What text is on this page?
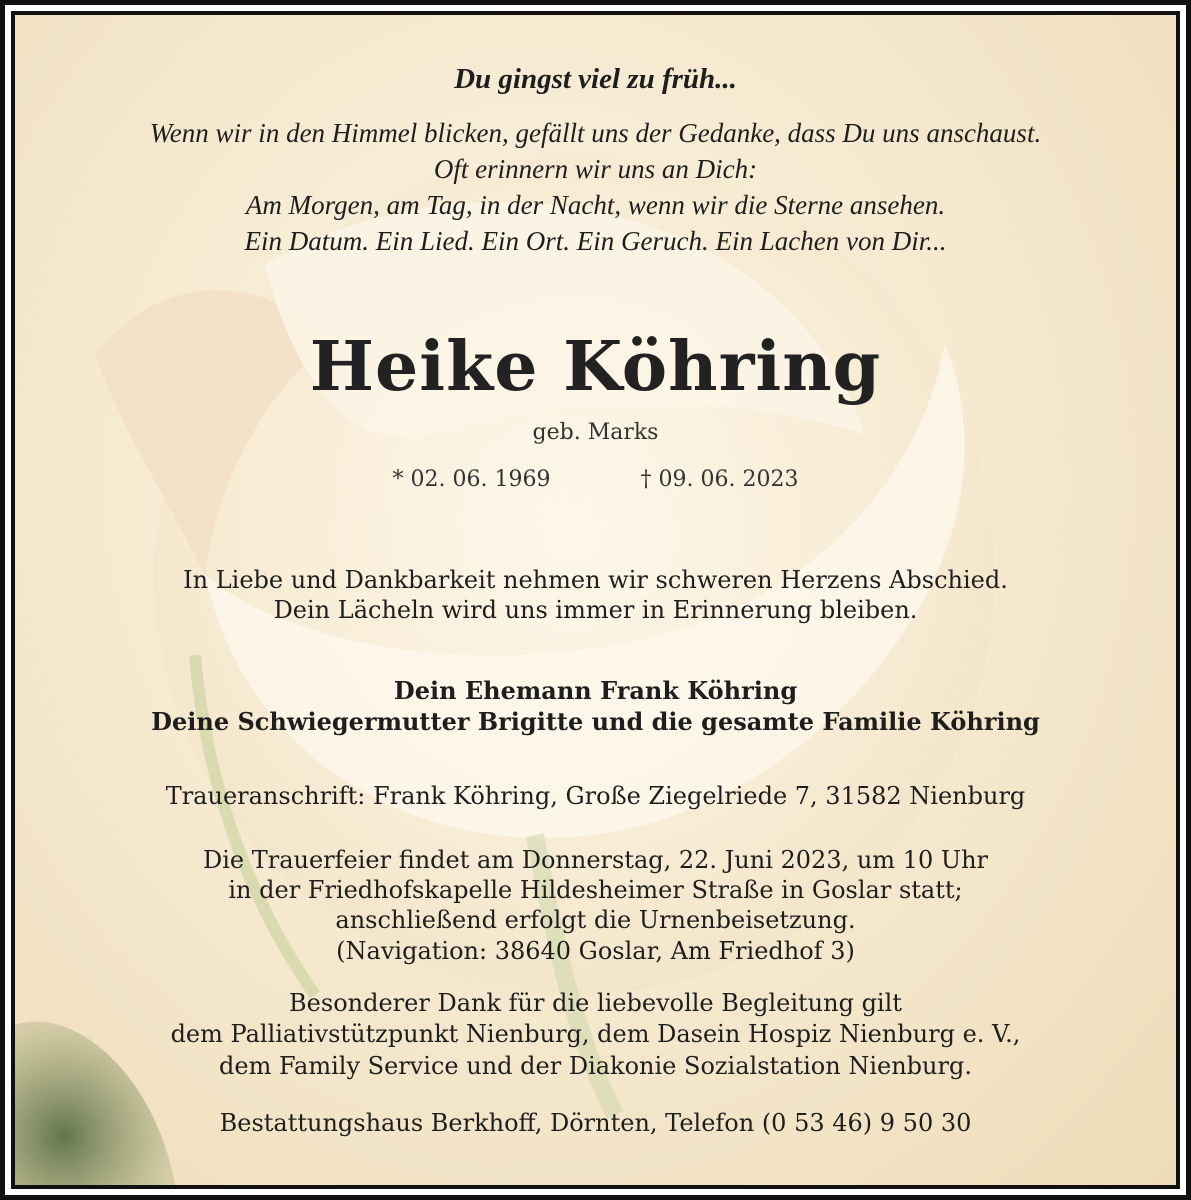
Du gingst viel zu früh...
Wenn wir in den Himmel blicken, gefällt uns der Gedanke, dass Du uns anschaust.
Oft erinnern wir uns an Dich:
Am Morgen, am Tag, in der Nacht, wenn wir die Sterne ansehen.
Ein Datum. Ein Lied. Ein Ort. Ein Geruch. Ein Lachen von Dir...
Heike Köhring
geb. Marks
* 02. 06. 1969	† 09. 06. 2023
In Liebe und Dankbarkeit nehmen wir schweren Herzens Abschied.
Dein Lächeln wird uns immer in Erinnerung bleiben.
Dein Ehemann Frank Köhring
Deine Schwiegermutter Brigitte und die gesamte Familie Köhring
Traueranschrift: Frank Köhring, Große Ziegelriede 7, 31582 Nienburg
Die Trauerfeier findet am Donnerstag, 22. Juni 2023, um 10 Uhr
in der Friedhofskapelle Hildesheimer Straße in Goslar statt;
anschließend erfolgt die Urnenbeisetzung.
(Navigation: 38640 Goslar, Am Friedhof 3)
Besonderer Dank für die liebevolle Begleitung gilt
dem Palliativstützpunkt Nienburg, dem Dasein Hospiz Nienburg e. V.,
dem Family Service und der Diakonie Sozialstation Nienburg.
Bestattungshaus Berkhoff, Dörnten, Telefon (0 53 46) 9 50 30
